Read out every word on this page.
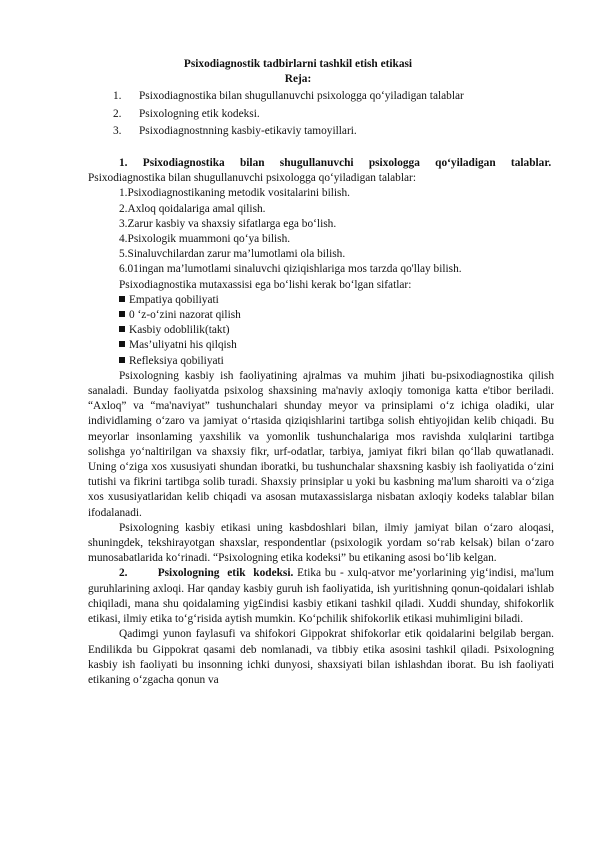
Psixodiagnostik tadbirlarni tashkil etish etikasi
Reja:
1. Psixodiagnostika bilan shugullanuvchi psixologga qo‘yiladigan talablar
2. Psixologning etik kodeksi.
3. Psixodiagnostnning kasbiy-etikaviy tamoyillari.

1. Psixodiagnostika bilan shugullanuvchi psixologga qo‘yiladigan talablar.  Psixodiagnostika bilan shugullanuvchi psixologga qo‘yiladigan talablar:

1.Psixodiagnostikaning metodik vositalarini bilish.
2.Axloq qoidalariga amal qilish.
3.Zarur kasbiy va shaxsiy sifatlarga ega bo‘lish.
4.Psixologik muammoni qo‘ya bilish.
5.Sinaluvchilardan zarur ma’lumotlami ola bilish.
6.01ingan ma’lumotlami sinaluvchi qiziqishlariga mos tarzda qo'llay bilish.
Psixodiagnostika mutaxassisi ega bo‘lishi kerak bo‘lgan sifatlar:
Empatiya qobiliyati
0 ‘z-o‘zini nazorat qilish
Kasbiy odoblilik(takt)
Mas’uliyatni his qilqish
Refleksiya qobiliyati

Psixologning kasbiy ish faoliyatining ajralmas va muhim jihati bu-psixodiagnostika qilish sanaladi. Bunday faoliyatda psixolog shaxsining ma'naviy axloqiy tomoniga katta e'tibor beriladi. “Axloq” va “ma'naviyat” tushunchalari shunday meyor va prinsiplami o‘z ichiga oladiki, ular individlaming o‘zaro va jamiyat o‘rtasida qiziqishlarini tartibga solish ehtiyojidan kelib chiqadi. Bu meyorlar insonlaming yaxshilik va yomonlik tushunchalariga mos ravishda xulqlarini tartibga solishga yo‘naltirilgan va shaxsiy fikr, urf-odatlar, tarbiya, jamiyat fikri bilan qo‘llab quwatlanadi. Uning o‘ziga xos xususiyati shundan iboratki, bu tushunchalar shaxsning kasbiy ish faoliyatida o‘zini tutishi va fikrini tartibga solib turadi. Shaxsiy prinsiplar u yoki bu kasbning ma'lum sharoiti va o‘ziga xos xususiyatlaridan kelib chiqadi va asosan mutaxassislarga nisbatan axloqiy kodeks talablar bilan ifodalanadi.

Psixologning kasbiy etikasi uning kasbdoshlari bilan, ilmiy jamiyat bilan o‘zaro aloqasi, shuningdek, tekshirayotgan shaxslar, respondentlar (psixologik yordam so‘rab kelsak) bilan o‘zaro munosabatlarida ko‘rinadi. “Psixologning etika kodeksi” bu etikaning asosi bo‘lib kelgan.

2.	Psixologning etik kodeksi. Etika bu - xulq-atvor me’yorlarining yig‘indisi, ma'lum guruhlarining axloqi. Har qanday kasbiy guruh ish faoliyatida, ish yuritishning qonun-qoidalari ishlab chiqiladi, mana shu qoidalaming yig£indisi kasbiy etikani tashkil qiladi. Xuddi shunday, shifokorlik etikasi, ilmiy etika to‘g‘risida aytish mumkin. Ko‘pchilik shifokorlik etikasi muhimligini biladi.

Qadimgi yunon faylasufi va shifokori Gippokrat shifokorlar etik qoidalarini belgilab bergan. Endilikda bu Gippokrat qasami deb nomlanadi, va tibbiy etika asosini tashkil qiladi. Psixologning kasbiy ish faoliyati bu insonning ichki dunyosi, shaxsiyati bilan ishlashdan iborat. Bu ish faoliyati etikaning o‘zgacha qonun va
